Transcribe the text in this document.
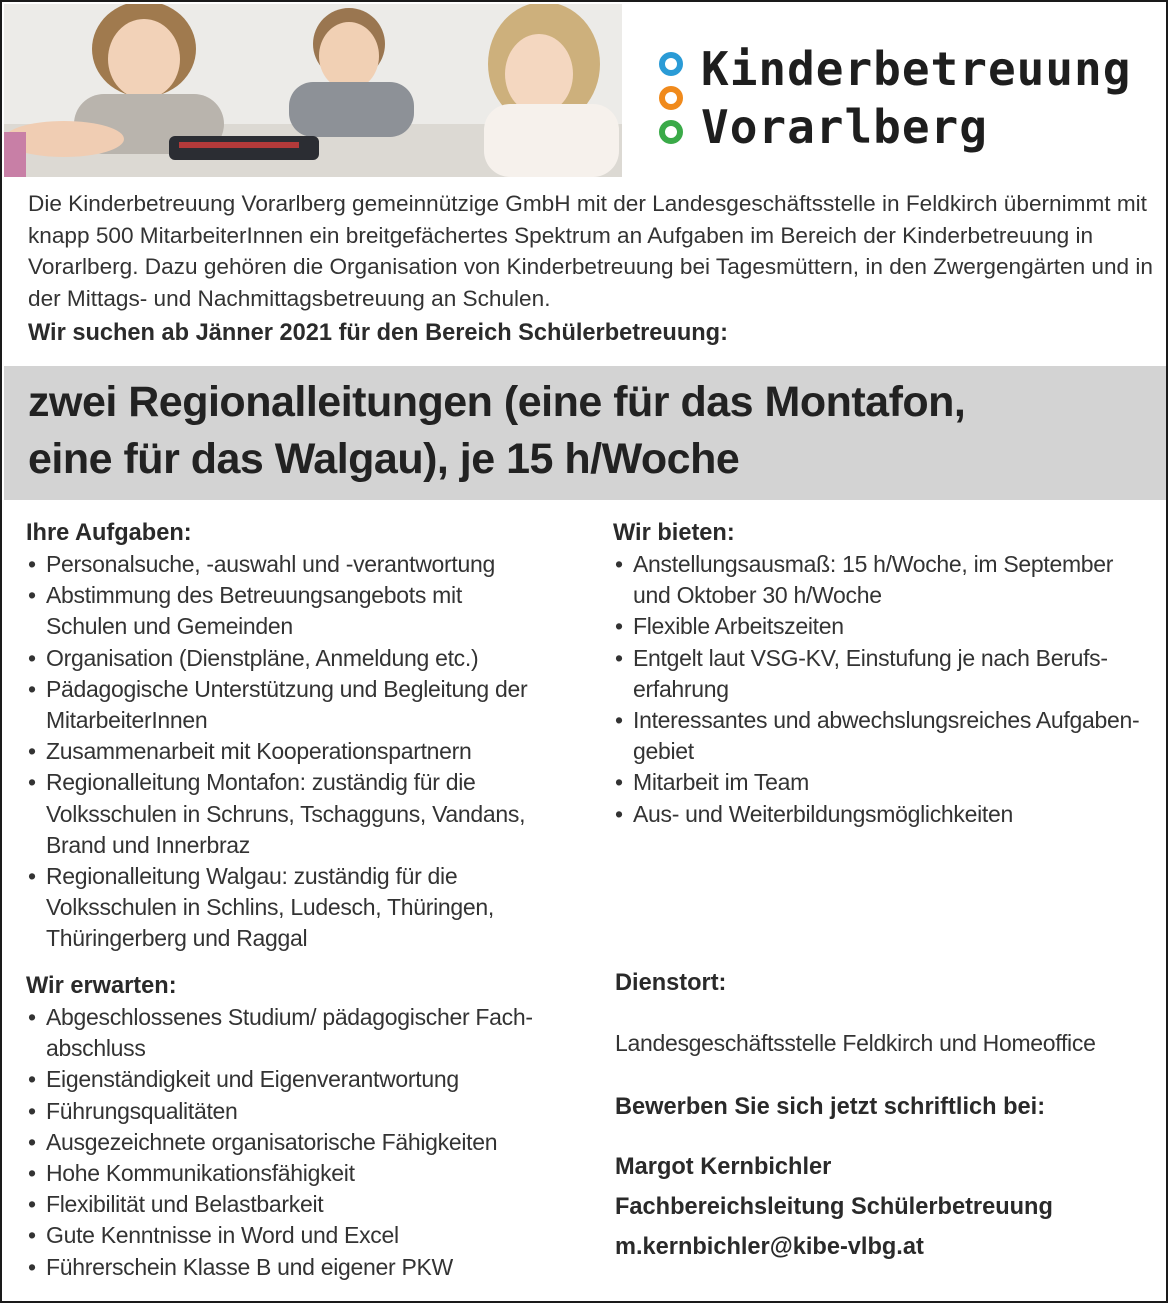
Kinderbetreuung
Vorarlberg

Die Kinderbetreuung Vorarlberg gemeinnützige GmbH mit der Landesgeschäftsstelle in Feldkirch übernimmt mit knapp 500 MitarbeiterInnen ein breitgefächertes Spektrum an Aufgaben im Bereich der Kinderbetreuung in Vorarlberg. Dazu gehören die Organisation von Kinderbetreuung bei Tagesmüttern, in den Zwergengärten und in der Mittags- und Nachmittagsbetreuung an Schulen.

Wir suchen ab Jänner 2021 für den Bereich Schülerbetreuung:

zwei Regionalleitungen (eine für das Montafon,
eine für das Walgau), je 15 h/Woche
Ihre Aufgaben:
• Personalsuche, -auswahl und -verantwortung
• Abstimmung des Betreuungsangebots mit Schulen und Gemeinden
• Organisation (Dienstpläne, Anmeldung etc.)
• Pädagogische Unterstützung und Begleitung der MitarbeiterInnen
• Zusammenarbeit mit Kooperationspartnern
• Regionalleitung Montafon: zuständig für die Volksschulen in Schruns, Tschagguns, Vandans, Brand und Innerbraz
• Regionalleitung Walgau: zuständig für die Volksschulen in Schlins, Ludesch, Thüringen, Thüringerberg und Raggal
Wir bieten:
• Anstellungsausmaß: 15 h/Woche, im September und Oktober 30 h/Woche
• Flexible Arbeitszeiten
• Entgelt laut VSG-KV, Einstufung je nach Berufs-erfahrung
• Interessantes und abwechslungsreiches Aufgaben-gebiet
• Mitarbeit im Team
• Aus- und Weiterbildungsmöglichkeiten
Wir erwarten:
• Abgeschlossenes Studium/ pädagogischer Fach-abschluss
• Eigenständigkeit und Eigenverantwortung
• Führungsqualitäten
• Ausgezeichnete organisatorische Fähigkeiten
• Hohe Kommunikationsfähigkeit
• Flexibilität und Belastbarkeit
• Gute Kenntnisse in Word und Excel
• Führerschein Klasse B und eigener PKW
Dienstort:
Landesgeschäftsstelle Feldkirch und Homeoffice
Bewerben Sie sich jetzt schriftlich bei:
Margot Kernbichler
Fachbereichsleitung Schülerbetreuung
m.kernbichler@kibe-vlbg.at
